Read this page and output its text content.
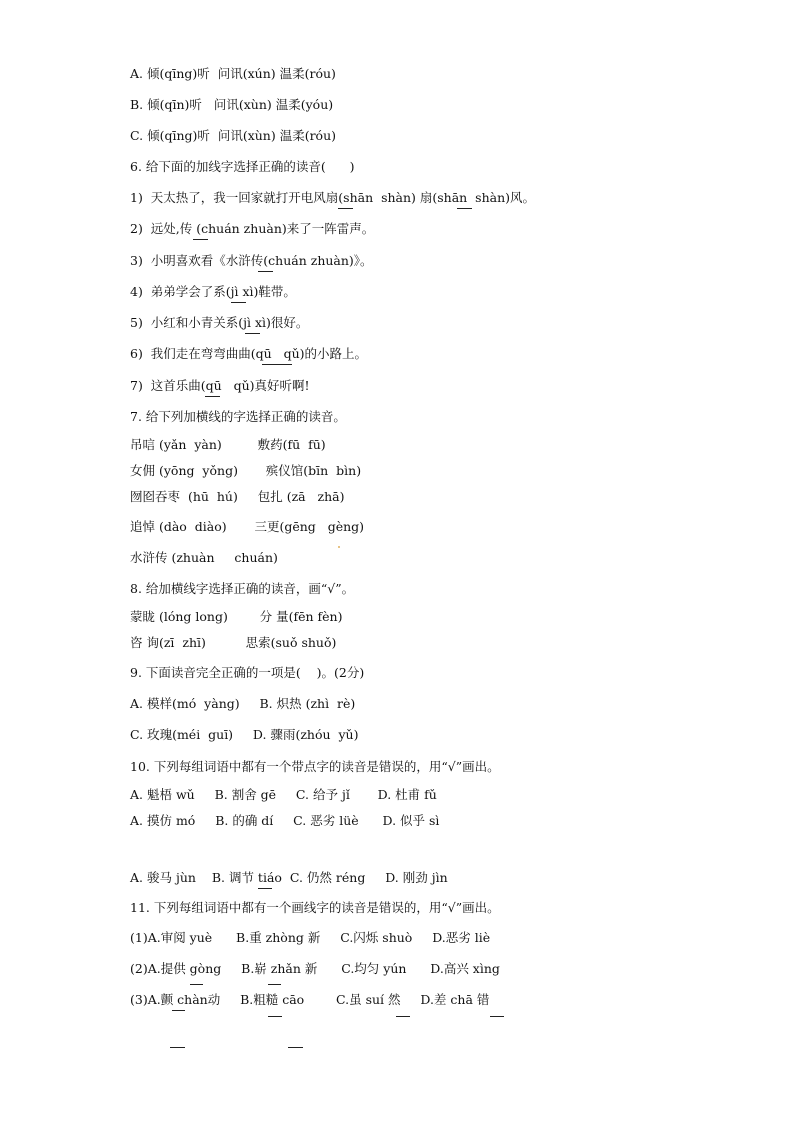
A. 倾(qīng)听  问讯(xún) 温柔(róu)
B. 倾(qīn)听   问讯(xùn) 温柔(yóu)
C. 倾(qīng)听  问讯(xùn) 温柔(róu)
6. 给下面的加线字选择正确的读音(      )
1)  天太热了，我一回家就打开电风扇(shān  shàn) 扇(shān  shàn)风。
2)  远处,传 (chuán zhuàn)来了一阵雷声。
3)  小明喜欢看《水浒传(chuán zhuàn)》。
4)  弟弟学会了系(jì xì)鞋带。
5)  小红和小青关系(jì xì)很好。
6)  我们走在弯弯曲曲(qū   qǔ)的小路上。
7)  这首乐曲(qū   qǔ)真好听啊!
7. 给下列加横线的字选择正确的读音。
吊唁 (yǎn  yàn)         敷药(fū  fū)
女佣 (yōng  yǒng)       殡仪馆(bīn  bìn)
囫囵吞枣  (hū  hú)     包扎 (zā   zhā)
追悼 (dào  diào)       三更(gēng   gèng)
水浒传 (zhuàn     chuán)
8. 给加横线字选择正确的读音，画“√”。
蒙眬 (lóng long)        分 量(fēn fèn)
咨 询(zī  zhī)          思索(suǒ shuǒ)
9. 下面读音完全正确的一项是(    )。(2分)
A. 模样(mó  yàng)     B. 炽热 (zhì  rè)
C. 玫瑰(méi  guī)     D. 骤雨(zhóu  yǔ)
10. 下列每组词语中都有一个带点字的读音是错误的，用“√”画出。
A. 魁梧 wǔ     B. 割舍 gē     C. 给予 jǐ       D. 杜甫 fǔ
A. 摸仿 mó     B. 的确 dí     C. 恶劣 lüè      D. 似乎 sì
A. 骏马 jùn    B. 调节 tiáo  C. 仍然 réng     D. 刚劲 jìn
11. 下列每组词语中都有一个画线字的读音是错误的，用“√”画出。
(1)A.审阅 yuè      B.重 zhòng 新     C.闪烁 shuò     D.恶劣 liè
(2)A.提供 gòng     B.崭 zhǎn 新      C.均匀 yún      D.高兴 xìng
(3)A.颤 chàn动     B.粗糙 cāo        C.虽 suí 然     D.差 chā 错
